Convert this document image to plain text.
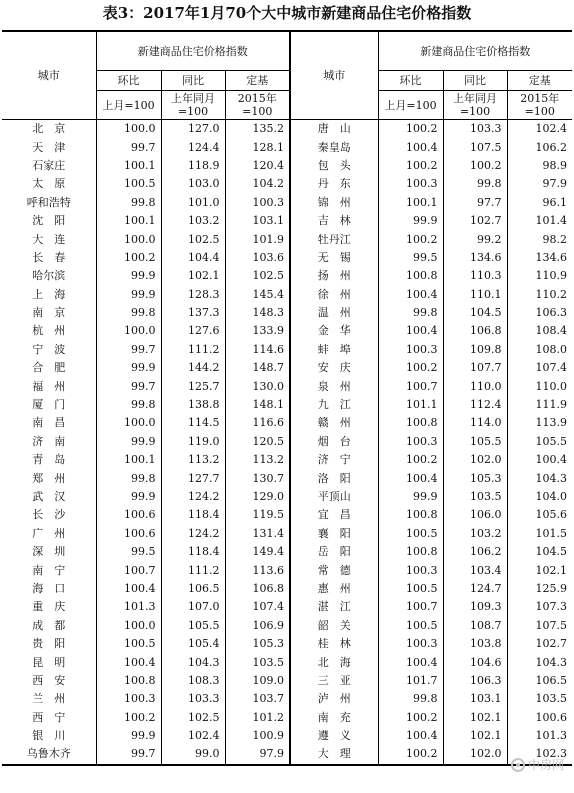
表3：2017年1月70个大中城市新建商品住宅价格指数
城市	新建商品住宅价格指数			城市	新建商品住宅价格指数		
	环比	同比	定基		环比	同比	定基
	上月=100	上年同月=100	2015年=100		上月=100	上年同月=100	2015年=100
北　京	100.0	127.0	135.2	唐　山	100.2	103.3	102.4
天　津	99.7	124.4	128.1	秦皇岛	100.4	107.5	106.2
石家庄	100.1	118.9	120.4	包　头	100.2	100.2	98.9
太　原	100.5	103.0	104.2	丹　东	100.3	99.8	97.9
呼和浩特	99.8	101.0	100.3	锦　州	100.1	97.7	96.1
沈　阳	100.1	103.2	103.1	吉　林	99.9	102.7	101.4
大　连	100.0	102.5	101.9	牡丹江	100.2	99.2	98.2
长　春	100.2	104.4	103.6	无　锡	99.5	134.6	134.6
哈尔滨	99.9	102.1	102.5	扬　州	100.8	110.3	110.9
上　海	99.9	128.3	145.4	徐　州	100.4	110.1	110.2
南　京	99.8	137.3	148.3	温　州	99.8	104.5	106.3
杭　州	100.0	127.6	133.9	金　华	100.4	106.8	108.4
宁　波	99.7	111.2	114.6	蚌　埠	100.3	109.8	108.0
合　肥	99.9	144.2	148.7	安　庆	100.2	107.7	107.4
福　州	99.7	125.7	130.0	泉　州	100.7	110.0	110.0
厦　门	99.8	138.8	148.1	九　江	101.1	112.4	111.9
南　昌	100.0	114.5	116.6	赣　州	100.8	114.0	113.9
济　南	99.9	119.0	120.5	烟　台	100.3	105.5	105.5
青　岛	100.1	113.2	113.2	济　宁	100.2	102.0	100.4
郑　州	99.8	127.7	130.7	洛　阳	100.4	105.3	104.3
武　汉	99.9	124.2	129.0	平顶山	99.9	103.5	104.0
长　沙	100.6	118.4	119.5	宜　昌	100.8	106.0	105.6
广　州	100.6	124.2	131.4	襄　阳	100.5	103.2	101.5
深　圳	99.5	118.4	149.4	岳　阳	100.8	106.2	104.5
南　宁	100.7	111.2	113.6	常　德	100.3	103.4	102.1
海　口	100.4	106.5	106.8	惠　州	100.5	124.7	125.9
重　庆	101.3	107.0	107.4	湛　江	100.7	109.3	107.3
成　都	100.0	105.5	106.9	韶　关	100.5	108.7	107.5
贵　阳	100.5	105.4	105.3	桂　林	100.3	103.8	102.7
昆　明	100.4	104.3	103.5	北　海	100.4	104.6	104.3
西　安	100.8	108.3	109.0	三　亚	101.7	106.3	106.5
兰　州	100.3	103.3	103.7	泸　州	99.8	103.1	103.5
西　宁	100.2	102.5	101.2	南　充	100.2	102.1	100.6
银　川	99.9	102.4	100.9	遵　义	100.4	102.1	101.3
乌鲁木齐	99.7	99.0	97.9	大　理	100.2	102.0	102.3
中房网
